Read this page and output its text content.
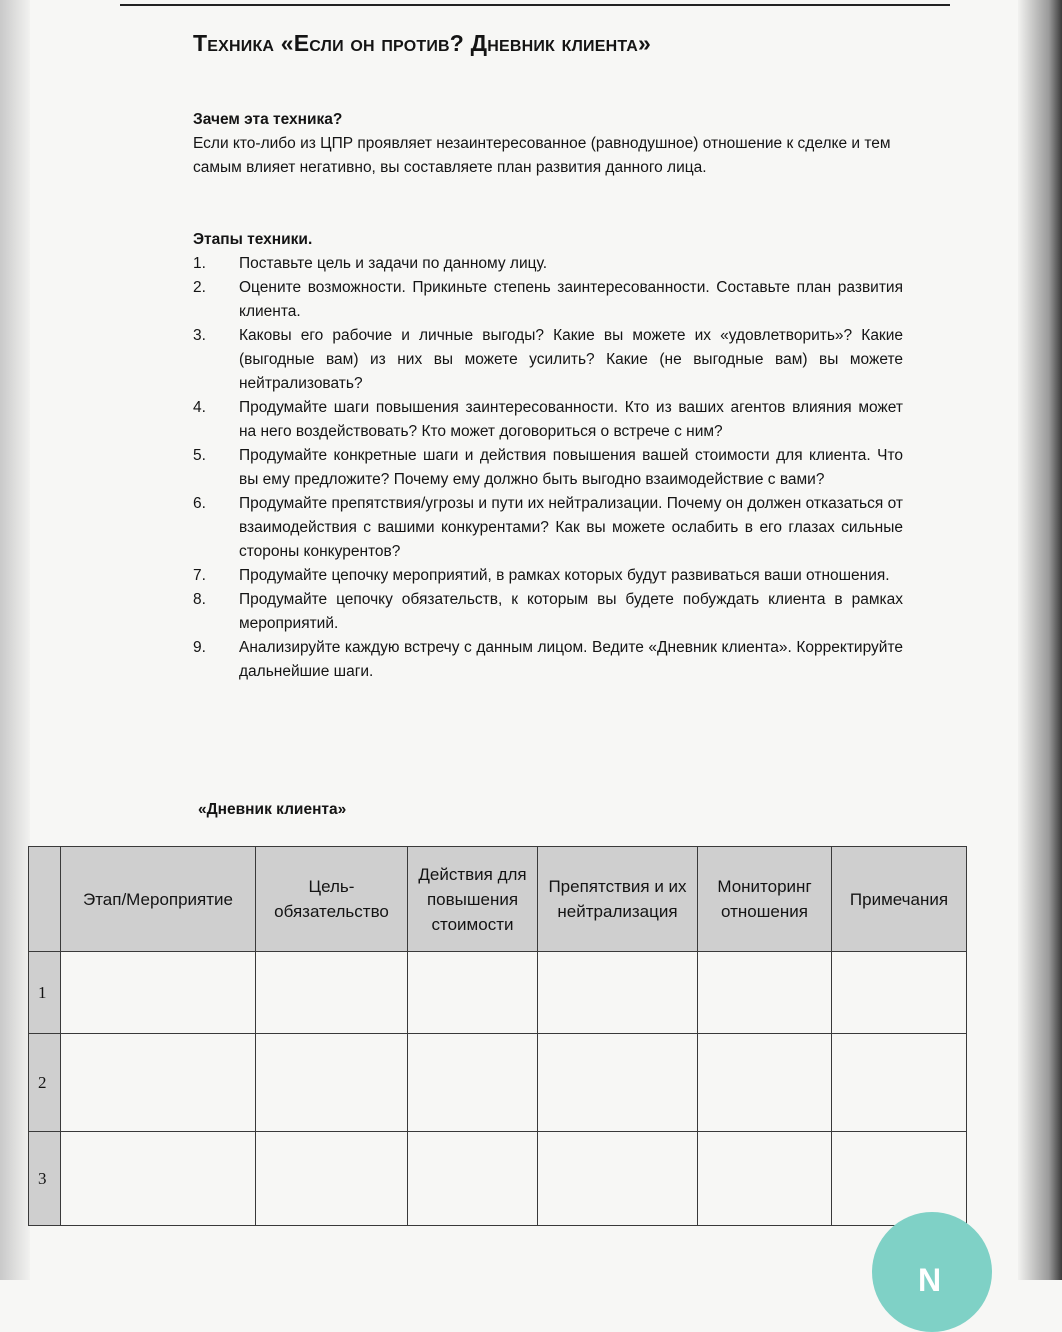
Техника «Если он против? Дневник клиента»
Зачем эта техника?
Если кто-либо из ЦПР проявляет незаинтересованное (равнодушное) отношение к сделке и тем самым влияет негативно, вы составляете план развития данного лица.
Этапы техники.
1. Поставьте цель и задачи по данному лицу.
2. Оцените возможности. Прикиньте степень заинтересованности. Составьте план развития клиента.
3. Каковы его рабочие и личные выгоды? Какие вы можете их «удовлетворить»? Какие (выгодные вам) из них вы можете усилить? Какие (не выгодные вам) вы можете нейтрализовать?
4. Продумайте шаги повышения заинтересованности. Кто из ваших агентов влияния может на него воздействовать? Кто может договориться о встрече с ним?
5. Продумайте конкретные шаги и действия повышения вашей стоимости для клиента. Что вы ему предложите? Почему ему должно быть выгодно взаимодействие с вами?
6. Продумайте препятствия/угрозы и пути их нейтрализации. Почему он должен отказаться от взаимодействия с вашими конкурентами? Как вы можете ослабить в его глазах сильные стороны конкурентов?
7. Продумайте цепочку мероприятий, в рамках которых будут развиваться ваши отношения.
8. Продумайте цепочку обязательств, к которым вы будете побуждать клиента в рамках мероприятий.
9. Анализируйте каждую встречу с данным лицом. Ведите «Дневник клиента». Корректируйте дальнейшие шаги.
«Дневник клиента»
	Этап/Мероприятие	Цель-обязательство	Действия для повышения стоимости	Препятствия и их нейтрализация	Мониторинг отношения	Примечания
1						
2						
3						
N
